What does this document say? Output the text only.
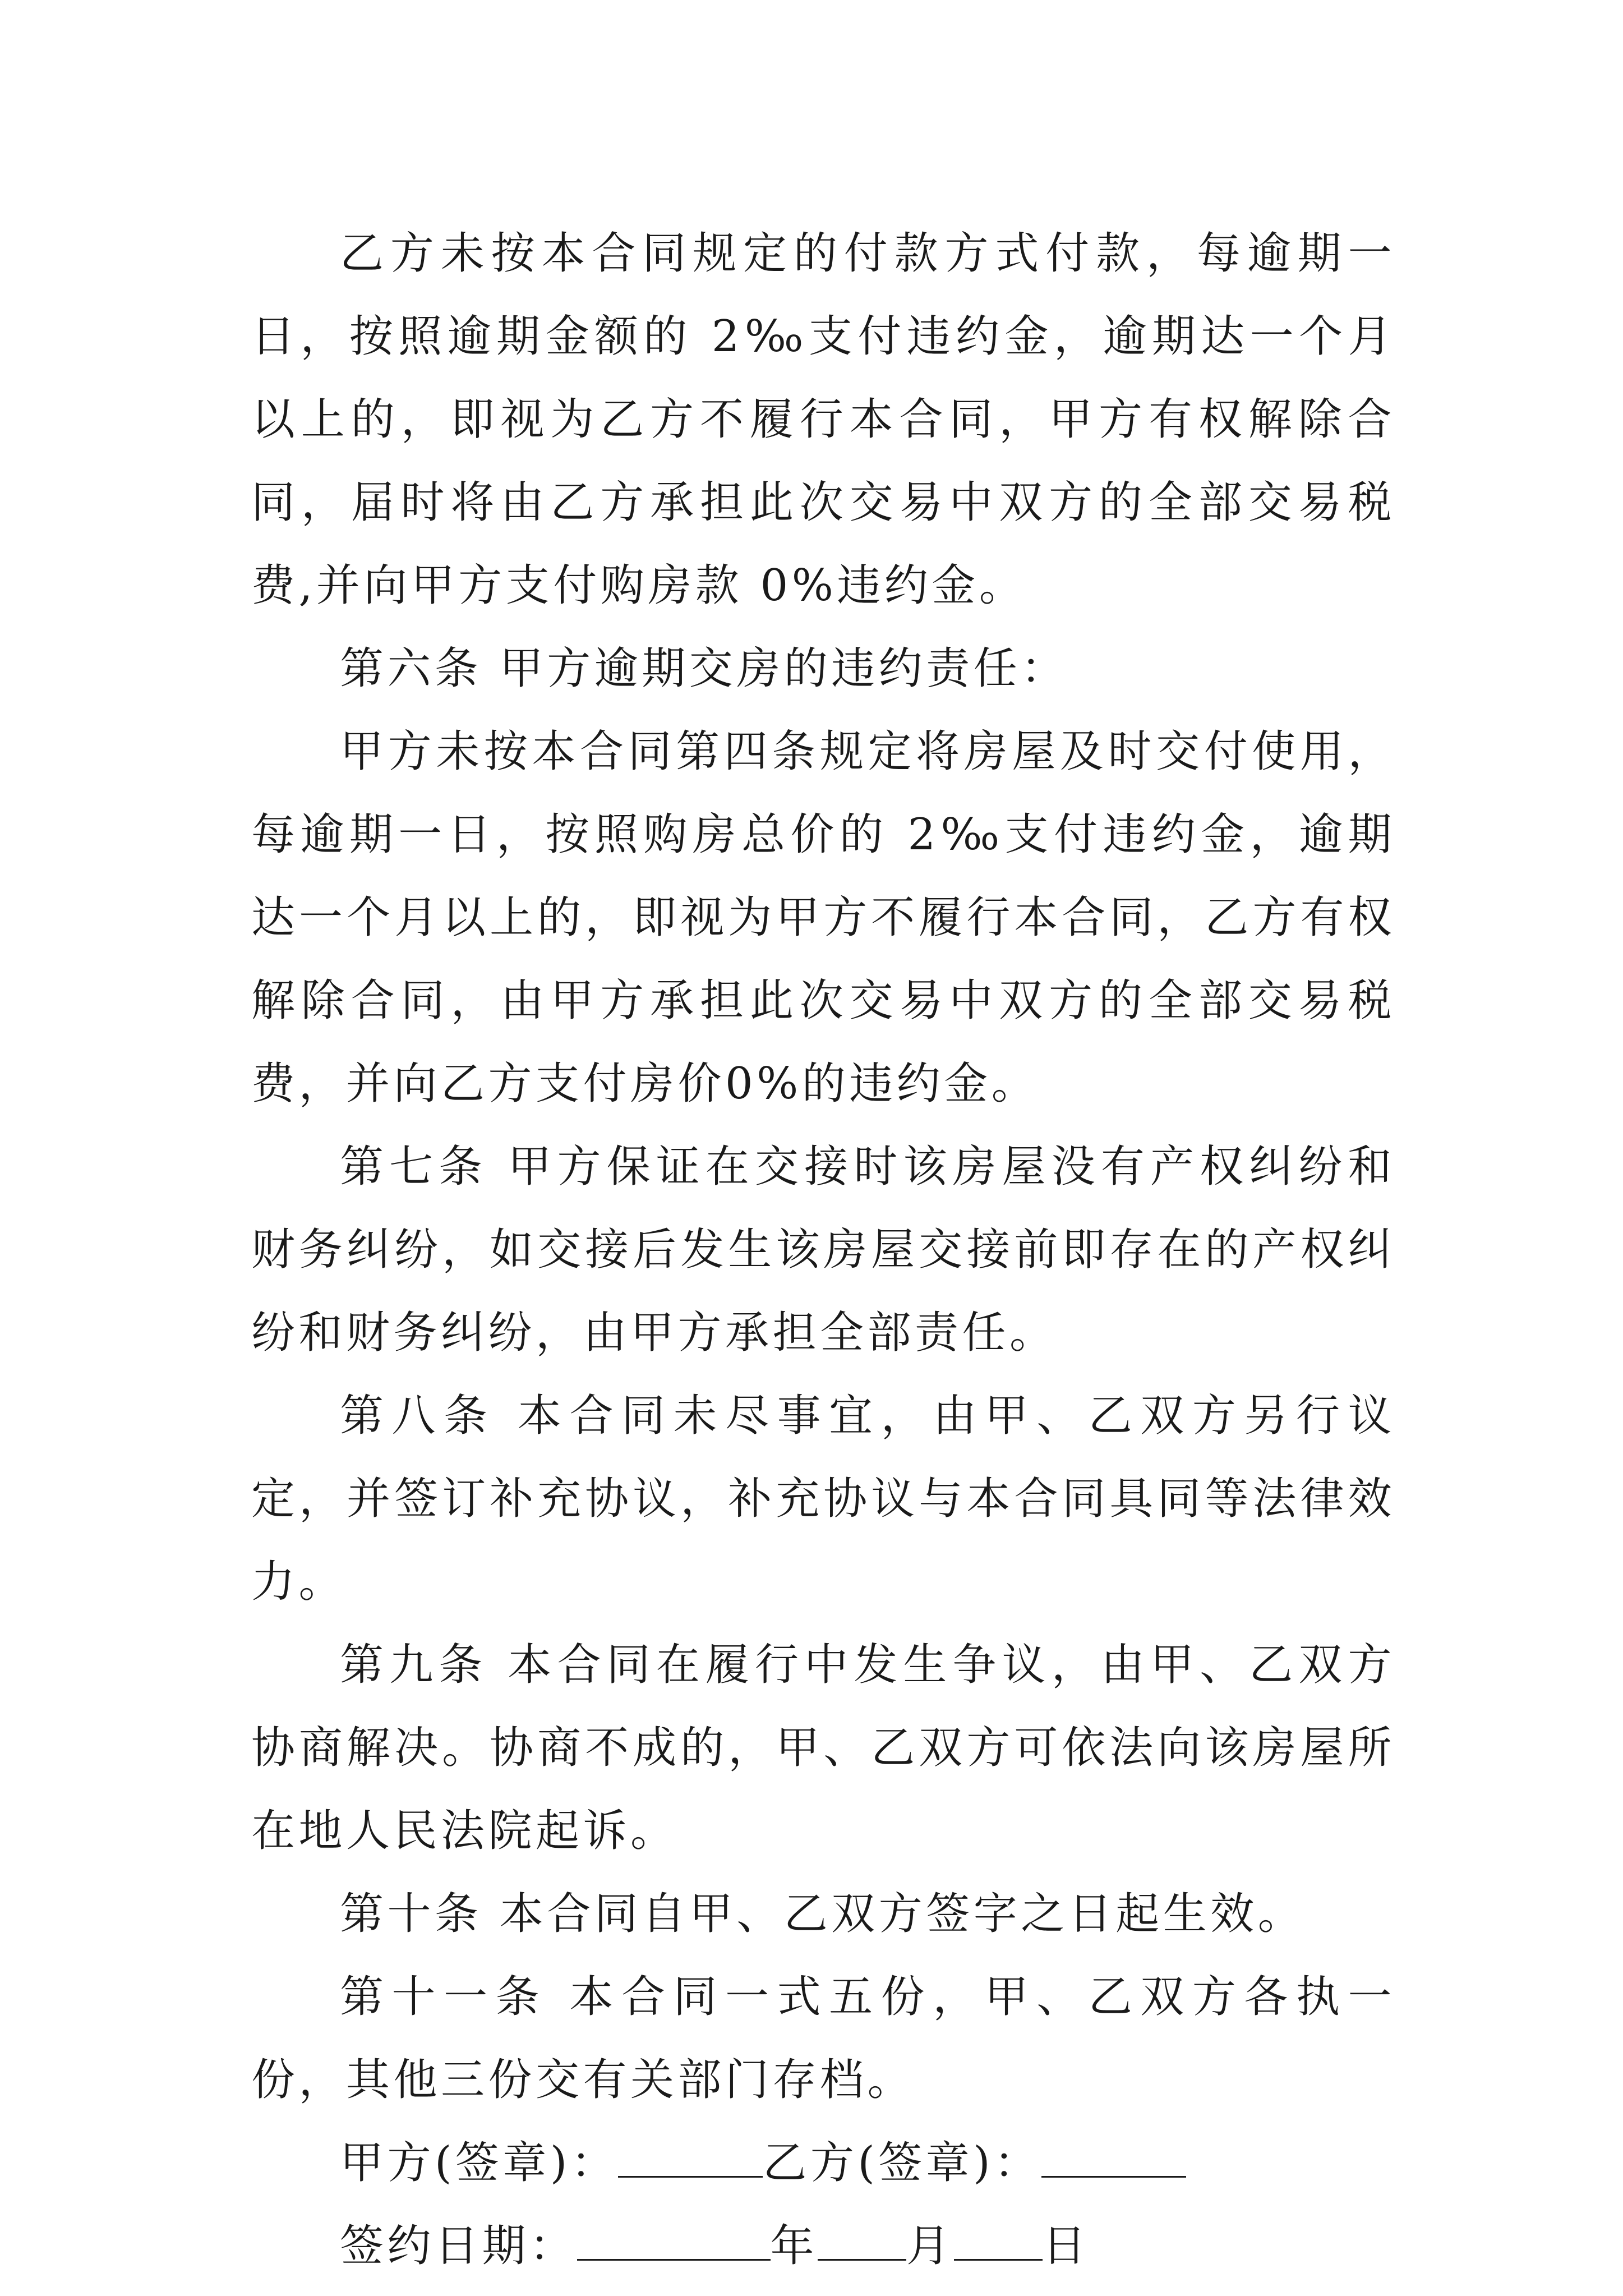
乙方未按本合同规定的付款方式付款，每逾期一日，按照逾期金额的 2‰支付违约金，逾期达一个月以上的，即视为乙方不履行本合同，甲方有权解除合同，届时将由乙方承担此次交易中双方的全部交易税费,并向甲方支付购房款 0%违约金。

第六条 甲方逾期交房的违约责任：

甲方未按本合同第四条规定将房屋及时交付使用，每逾期一日，按照购房总价的 2‰支付违约金，逾期达一个月以上的，即视为甲方不履行本合同，乙方有权解除合同，由甲方承担此次交易中双方的全部交易税费，并向乙方支付房价0%的违约金。

第七条 甲方保证在交接时该房屋没有产权纠纷和财务纠纷，如交接后发生该房屋交接前即存在的产权纠纷和财务纠纷，由甲方承担全部责任。

第八条 本合同未尽事宜，由甲、乙双方另行议定，并签订补充协议，补充协议与本合同具同等法律效力。

第九条 本合同在履行中发生争议，由甲、乙双方协商解决。协商不成的，甲、乙双方可依法向该房屋所在地人民法院起诉。

第十条 本合同自甲、乙双方签字之日起生效。

第十一条 本合同一式五份，甲、乙双方各执一份，其他三份交有关部门存档。

甲方(签章)：	乙方(签章)：
签约日期：	年 月 日
